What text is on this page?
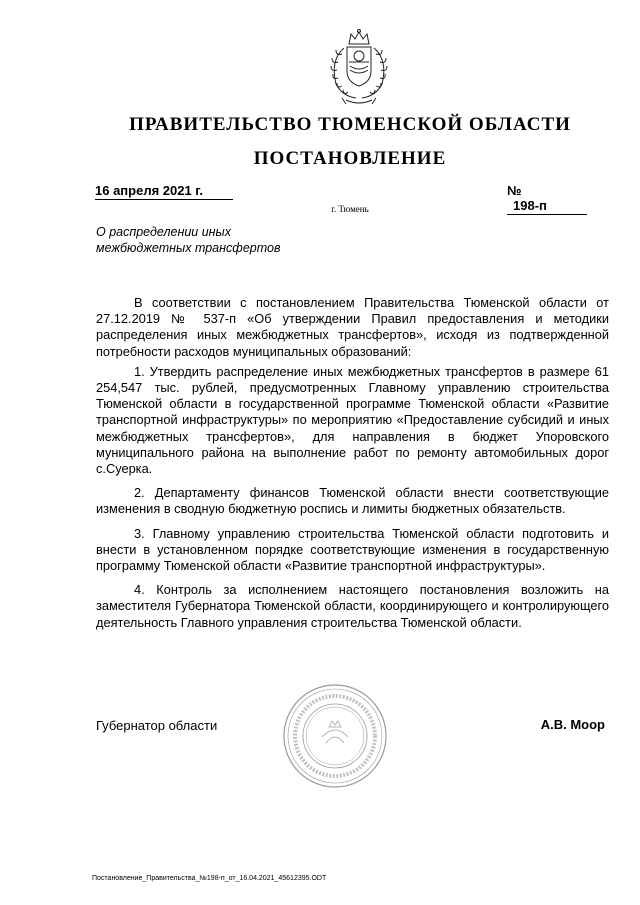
ПРАВИТЕЛЬСТВО ТЮМЕНСКОЙ ОБЛАСТИ
ПОСТАНОВЛЕНИЕ
16 апреля 2021 г.	№ 198-п
г. Тюмень
О распределении иных
межбюджетных трансфертов

В соответствии с постановлением Правительства Тюменской области от 27.12.2019 № 537-п «Об утверждении Правил предоставления и методики распределения иных межбюджетных трансфертов», исходя из подтвержденной потребности расходов муниципальных образований:

1. Утвердить распределение иных межбюджетных трансфертов в размере 61 254,547 тыс. рублей, предусмотренных Главному управлению строительства Тюменской области в государственной программе Тюменской области «Развитие транспортной инфраструктуры» по мероприятию «Предоставление субсидий и иных межбюджетных трансфертов», для направления в бюджет Упоровского муниципального района на выполнение работ по ремонту автомобильных дорог с.Суерка.

2. Департаменту финансов Тюменской области внести соответствующие изменения в сводную бюджетную роспись и лимиты бюджетных обязательств.

3. Главному управлению строительства Тюменской области подготовить и внести в установленном порядке соответствующие изменения в государственную программу Тюменской области «Развитие транспортной инфраструктуры».

4. Контроль за исполнением настоящего постановления возложить на заместителя Губернатора Тюменской области, координирующего и контролирующего деятельность Главного управления строительства Тюменской области.

Губернатор области	А.В. Моор
Постановление_Правительства_№198-п_от_16.04.2021_45612395.ODT
